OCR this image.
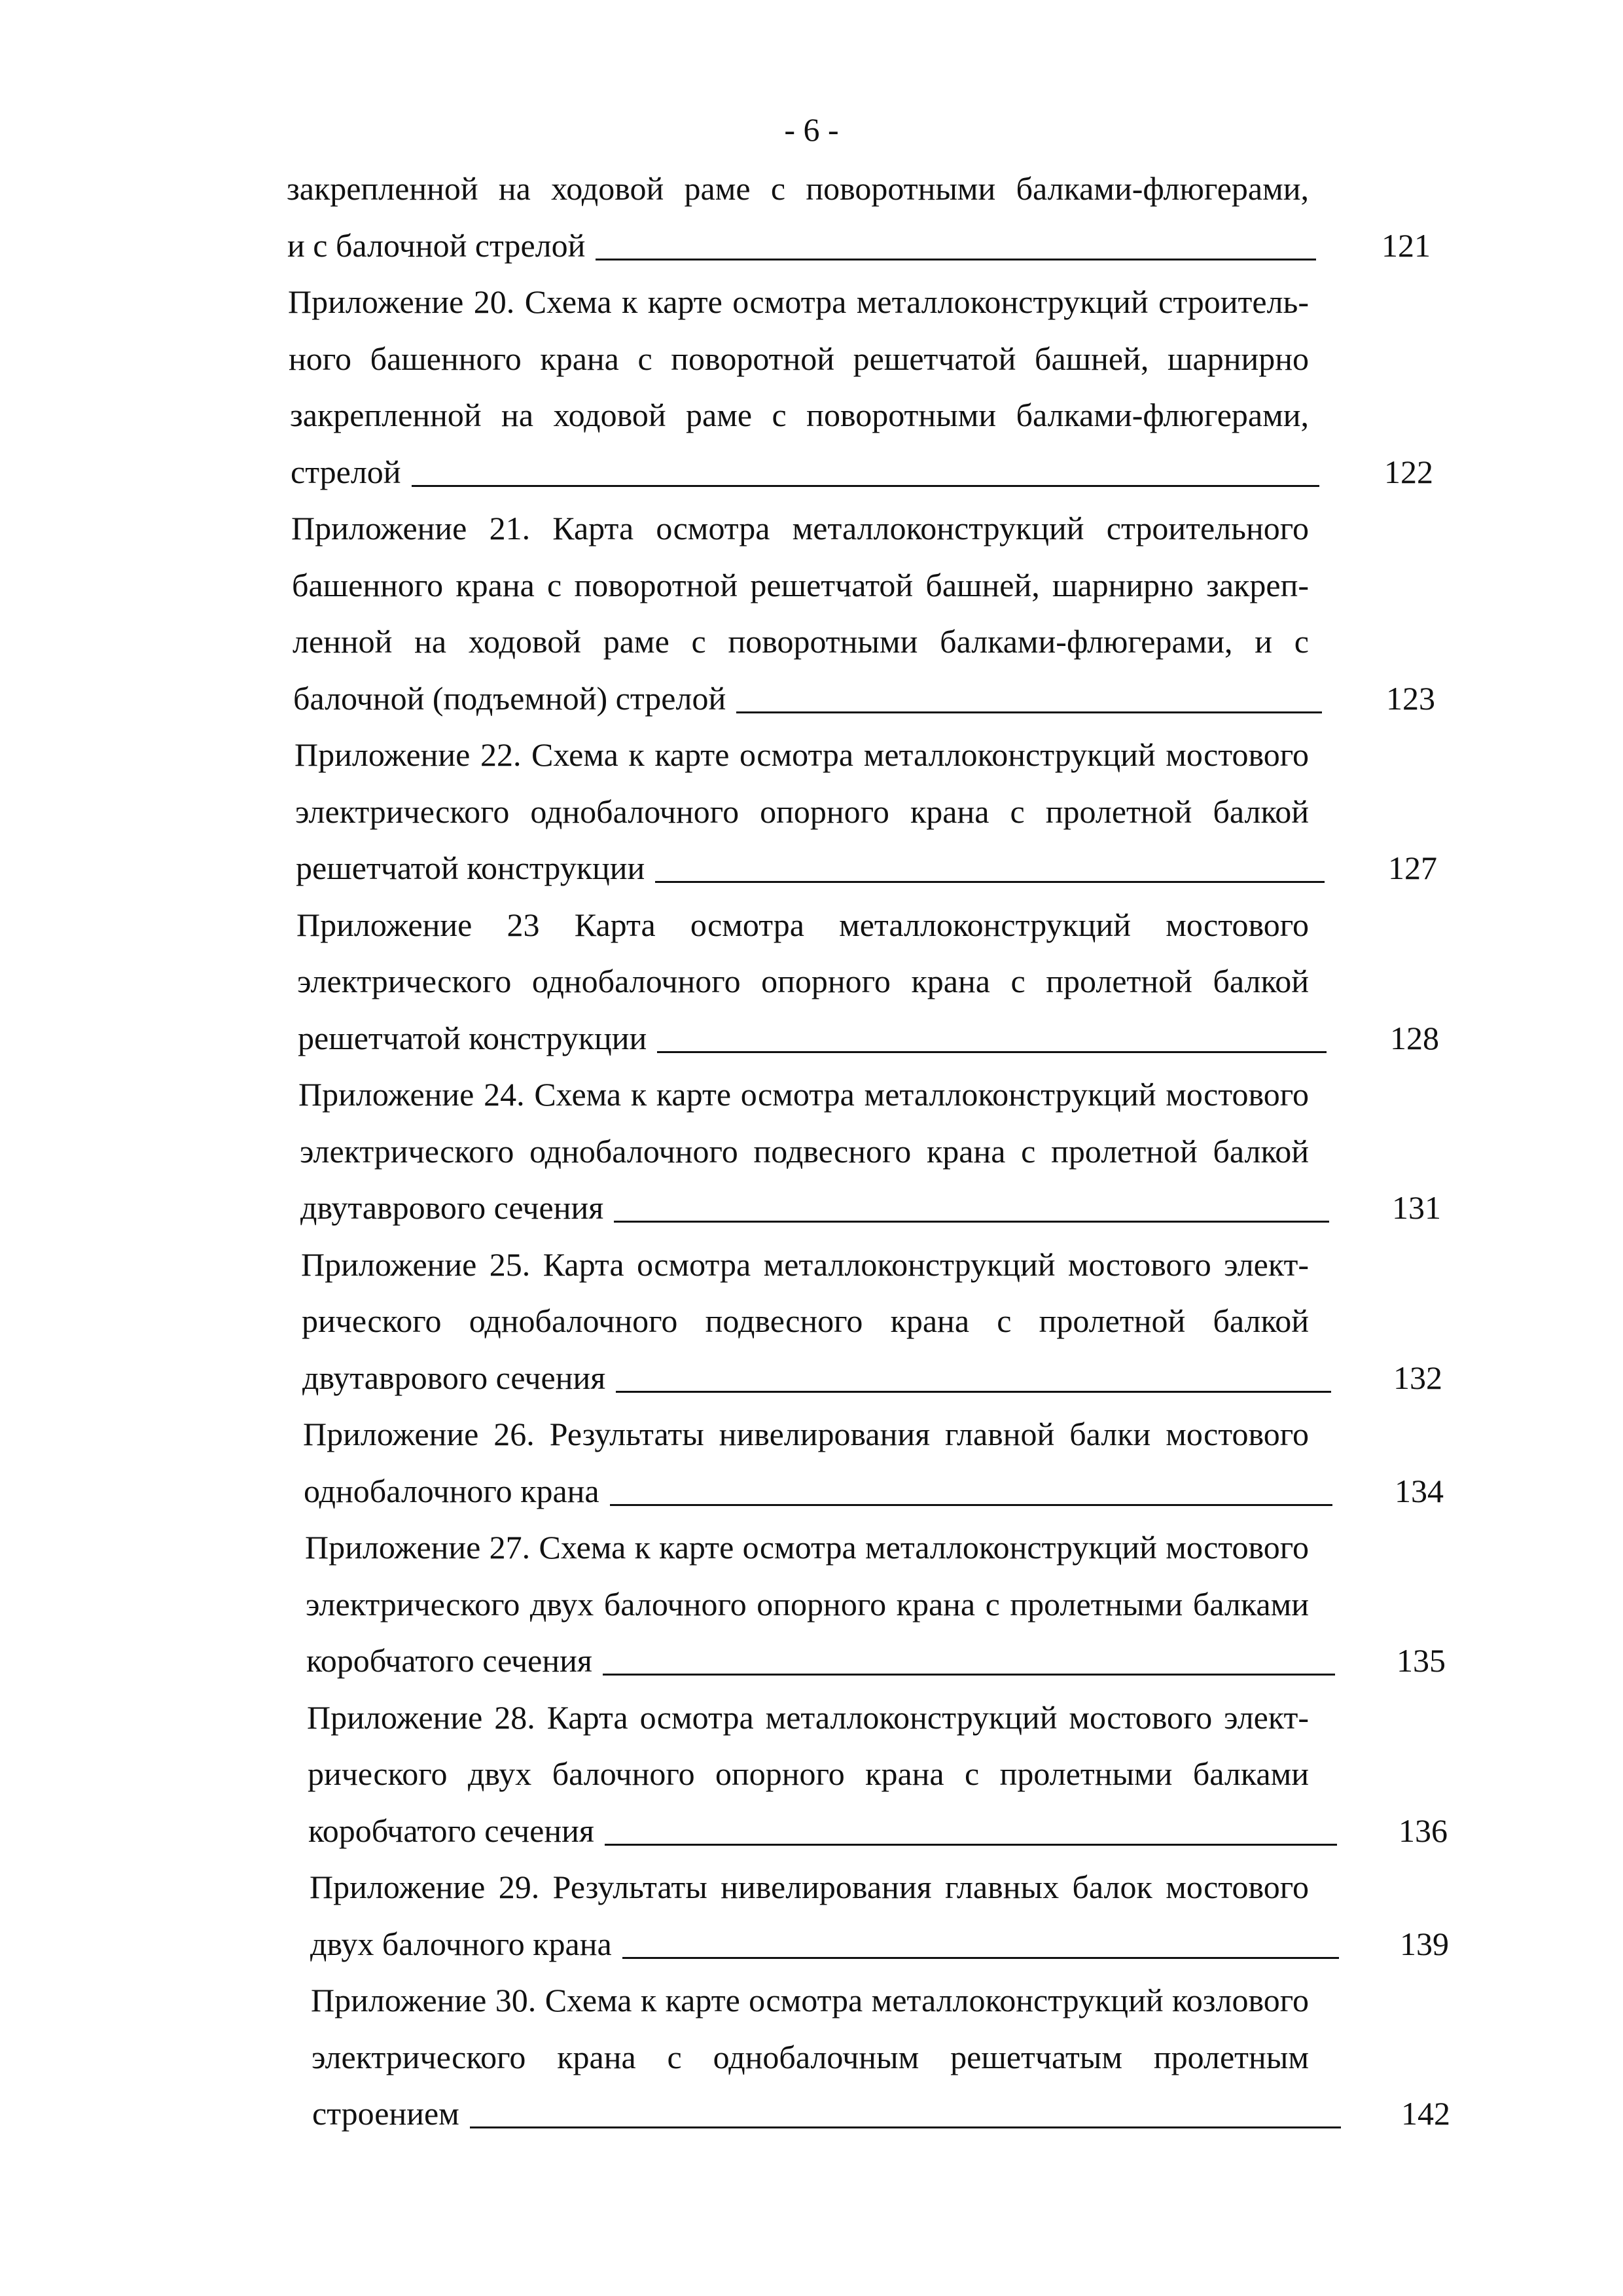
- 6 -
закрепленной на ходовой раме с поворотными балками-флюгерами,
и с балочной стрелой	121
Приложение 20. Схема к карте осмотра металлоконструкций строитель-
ного башенного крана с поворотной решетчатой башней, шарнирно
закрепленной на ходовой раме с поворотными балками-флюгерами,
стрелой	122
Приложение 21. Карта осмотра металлоконструкций строительного
башенного крана с поворотной решетчатой башней, шарнирно закреп-
ленной на ходовой раме с поворотными балками-флюгерами, и с
балочной (подъемной) стрелой	123
Приложение 22. Схема к карте осмотра металлоконструкций мостового
электрического однобалочного опорного крана с пролетной балкой
решетчатой конструкции	127
Приложение 23 Карта осмотра металлоконструкций мостового
электрического однобалочного опорного крана с пролетной балкой
решетчатой конструкции	128
Приложение 24. Схема к карте осмотра металлоконструкций мостового
электрического однобалочного подвесного крана с пролетной балкой
двутаврового сечения	131
Приложение 25. Карта осмотра металлоконструкций мостового элект-
рического однобалочного подвесного крана с пролетной балкой
двутаврового сечения	132
Приложение 26. Результаты нивелирования главной балки мостового
однобалочного крана	134
Приложение 27. Схема к карте осмотра металлоконструкций мостового
электрического двух балочного опорного крана с пролетными балками
коробчатого сечения	135
Приложение 28. Карта осмотра металлоконструкций мостового элект-
рического двух балочного опорного крана с пролетными балками
коробчатого сечения	136
Приложение 29. Результаты нивелирования главных балок мостового
двух балочного крана	139
Приложение 30. Схема к карте осмотра металлоконструкций козлового
электрического крана с однобалочным решетчатым пролетным
строением	142
